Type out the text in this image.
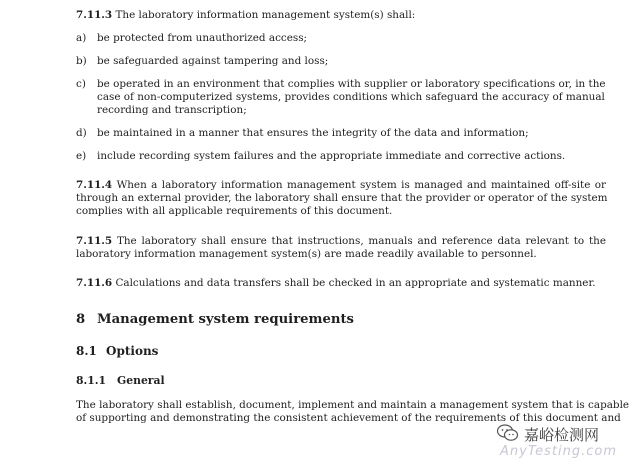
7.11.3 The laboratory information management system(s) shall:
a) be protected from unauthorized access;
b) be safeguarded against tampering and loss;
c) be operated in an environment that complies with supplier or laboratory specifications or, in the
case of non-computerized systems, provides conditions which safeguard the accuracy of manual
recording and transcription;
d) be maintained in a manner that ensures the integrity of the data and information;
e) include recording system failures and the appropriate immediate and corrective actions.
7.11.4 When a laboratory information management system is managed and maintained off-site or
through an external provider, the laboratory shall ensure that the provider or operator of the system
complies with all applicable requirements of this document.
7.11.5 The laboratory shall ensure that instructions, manuals and reference data relevant to the
laboratory information management system(s) are made readily available to personnel.
7.11.6 Calculations and data transfers shall be checked in an appropriate and systematic manner.
8 Management system requirements
8.1 Options
8.1.1 General
The laboratory shall establish, document, implement and maintain a management system that is capable
of supporting and demonstrating the consistent achievement of the requirements of this document and
嘉峪检测网
AnyTesting.com
